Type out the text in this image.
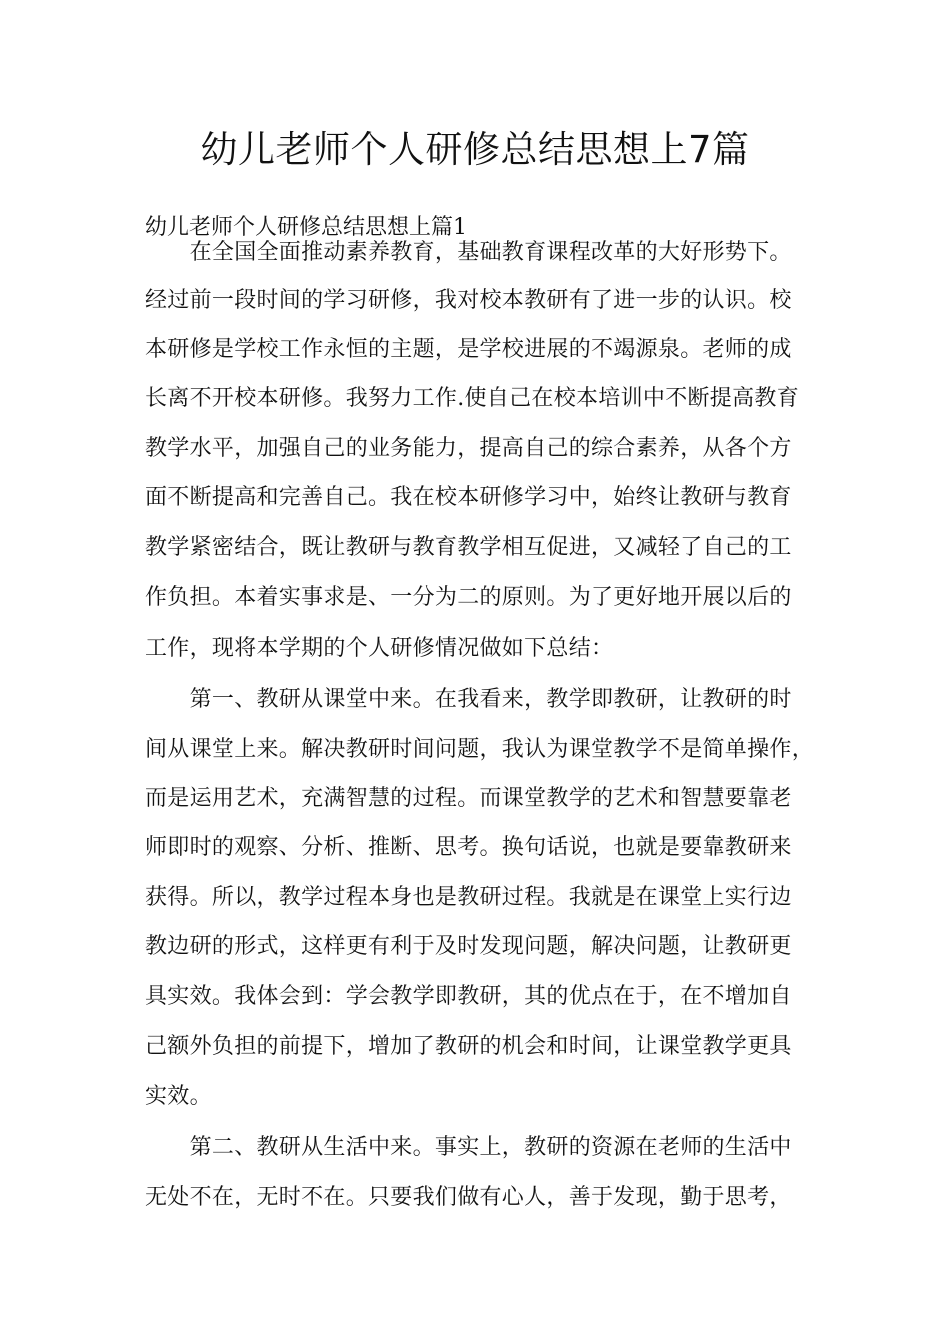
幼儿老师个人研修总结思想上7篇
幼儿老师个人研修总结思想上篇1
　　在全国全面推动素养教育，基础教育课程改革的大好形势下。
经过前一段时间的学习研修，我对校本教研有了进一步的认识。校
本研修是学校工作永恒的主题，是学校进展的不竭源泉。老师的成
长离不开校本研修。我努力工作.使自己在校本培训中不断提高教育
教学水平，加强自己的业务能力，提高自己的综合素养，从各个方
面不断提高和完善自己。我在校本研修学习中，始终让教研与教育
教学紧密结合，既让教研与教育教学相互促进，又减轻了自己的工
作负担。本着实事求是、一分为二的原则。为了更好地开展以后的
工作，现将本学期的个人研修情况做如下总结：
　　第一、教研从课堂中来。在我看来，教学即教研，让教研的时
间从课堂上来。解决教研时间问题，我认为课堂教学不是简单操作，
而是运用艺术，充满智慧的过程。而课堂教学的艺术和智慧要靠老
师即时的观察、分析、推断、思考。换句话说，也就是要靠教研来
获得。所以，教学过程本身也是教研过程。我就是在课堂上实行边
教边研的形式，这样更有利于及时发现问题，解决问题，让教研更
具实效。我体会到：学会教学即教研，其的优点在于，在不增加自
己额外负担的前提下，增加了教研的机会和时间，让课堂教学更具
实效。
　　第二、教研从生活中来。事实上，教研的资源在老师的生活中
无处不在，无时不在。只要我们做有心人，善于发现，勤于思考，
